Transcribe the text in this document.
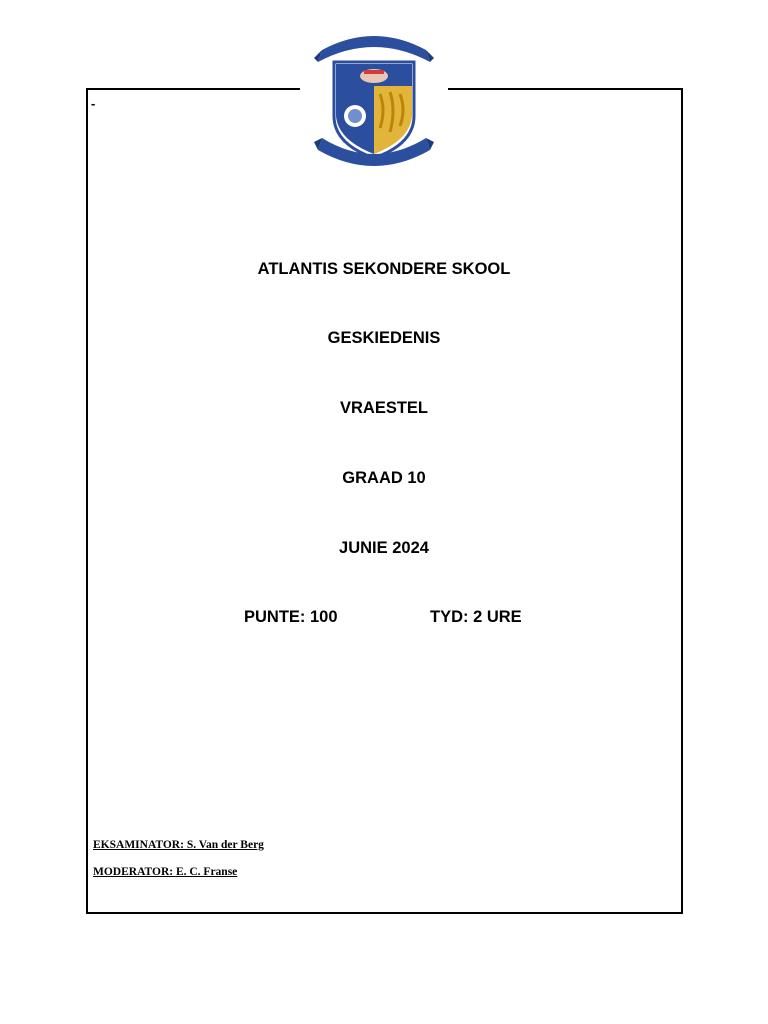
-
ATLANTIS SEKONDERE SKOOL
GESKIEDENIS
VRAESTEL
GRAAD 10
JUNIE 2024
PUNTE: 100	TYD: 2 URE
EKSAMINATOR: S. Van der Berg
MODERATOR: E. C. Franse
